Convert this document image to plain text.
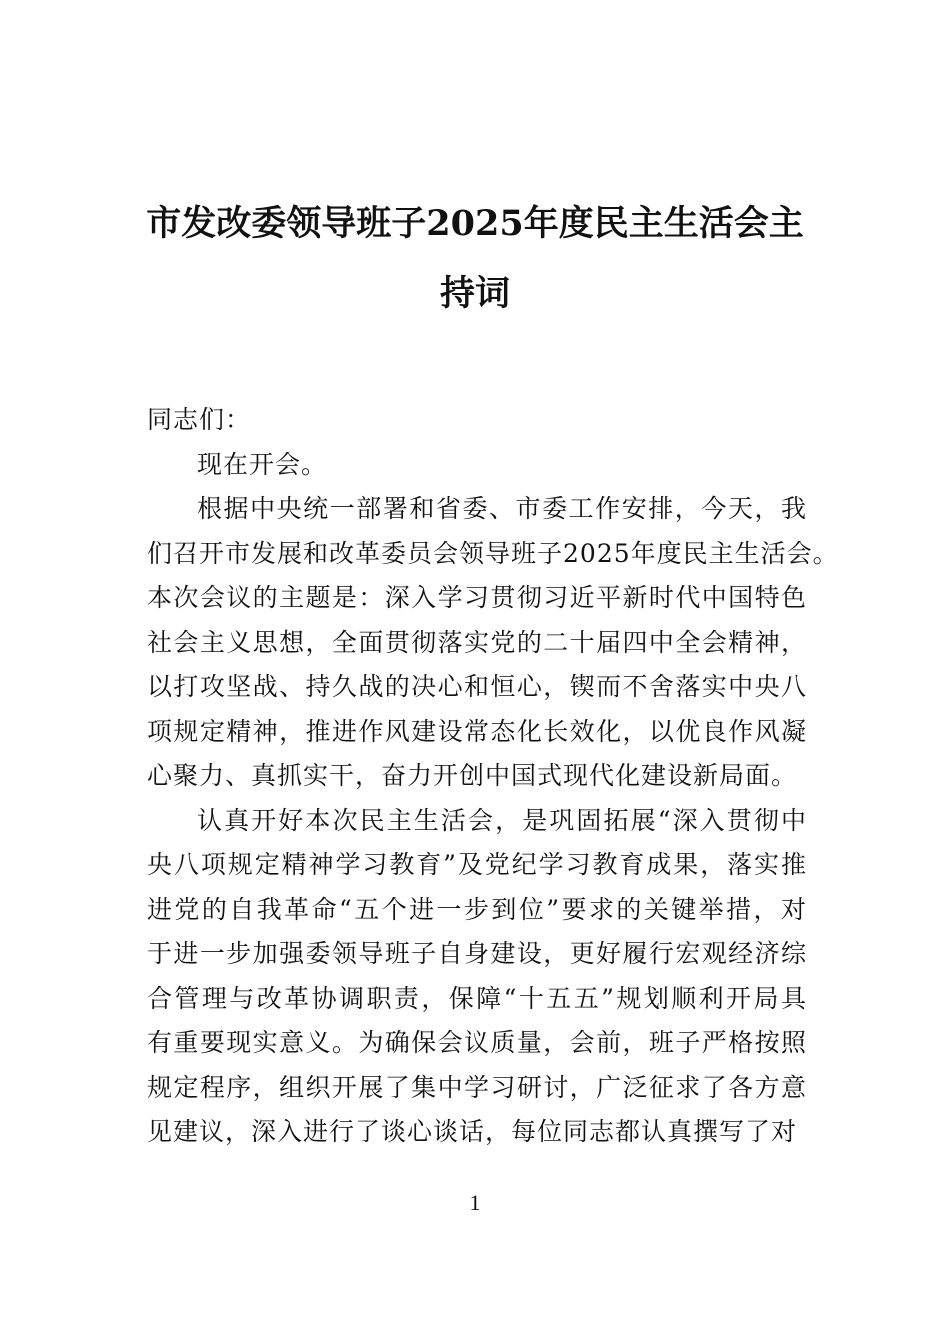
市发改委领导班子2025年度民主生活会主
持词
同志们：
现在开会。
根据中央统一部署和省委、市委工作安排，今天，我
们召开市发展和改革委员会领导班子2025年度民主生活会。
本次会议的主题是：深入学习贯彻习近平新时代中国特色
社会主义思想，全面贯彻落实党的二十届四中全会精神，
以打攻坚战、持久战的决心和恒心，锲而不舍落实中央八
项规定精神，推进作风建设常态化长效化，以优良作风凝
心聚力、真抓实干，奋力开创中国式现代化建设新局面。
认真开好本次民主生活会，是巩固拓展“深入贯彻中
央八项规定精神学习教育”及党纪学习教育成果，落实推
进党的自我革命“五个进一步到位”要求的关键举措，对
于进一步加强委领导班子自身建设，更好履行宏观经济综
合管理与改革协调职责，保障“十五五”规划顺利开局具
有重要现实意义。为确保会议质量，会前，班子严格按照
规定程序，组织开展了集中学习研讨，广泛征求了各方意
见建议，深入进行了谈心谈话，每位同志都认真撰写了对
1
